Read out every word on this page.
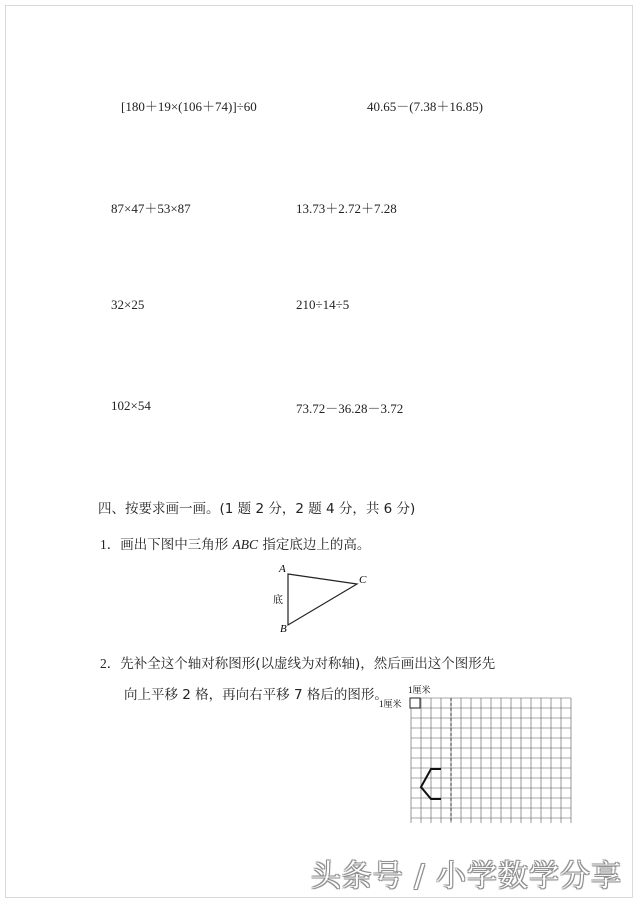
[180＋19×(106＋74)]÷60	40.65－(7.38＋16.85)
87×47＋53×87	13.73＋2.72＋7.28
32×25	210÷14÷5
102×54	73.72－36.28－3.72
四、按要求画一画。(1 题 2 分，2 题 4 分，共 6 分)
1．画出下图中三角形 ABC 指定底边上的高。
A
C
B
底
2．先补全这个轴对称图形(以虚线为对称轴)，然后画出这个图形先
向上平移 2 格，再向右平移 7 格后的图形。 1厘米
1厘米
头条号 / 小学数学分享
